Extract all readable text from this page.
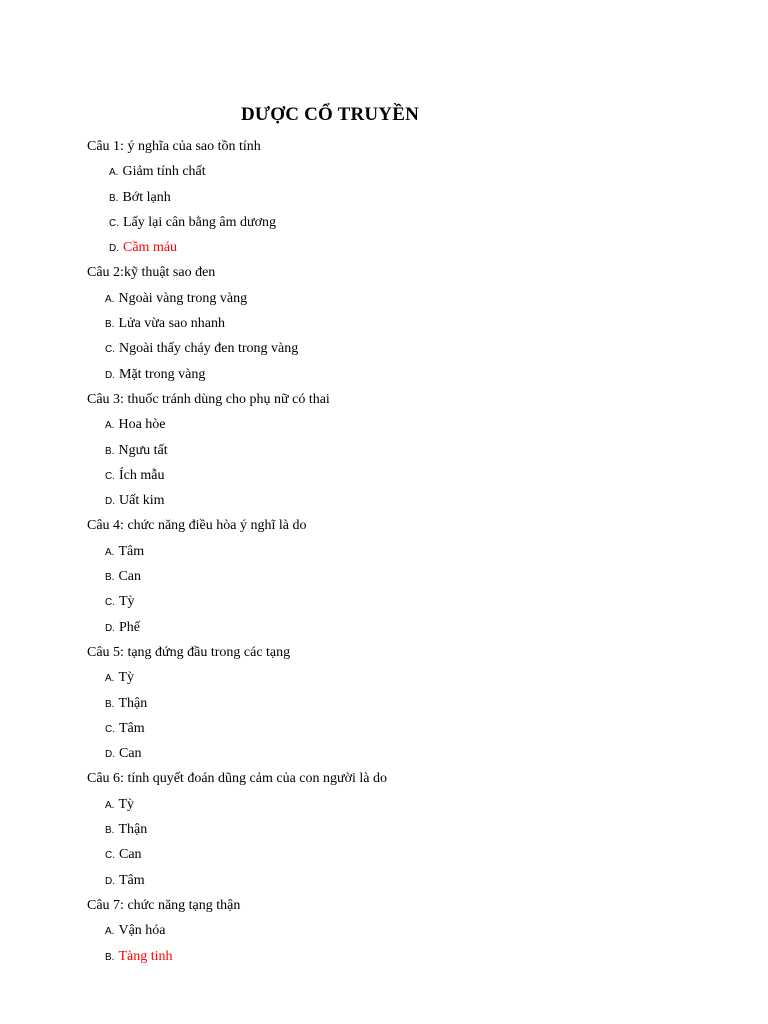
DƯỢC CỔ TRUYỀN
Câu 1: ý nghĩa của sao tồn tính
A. Giảm tính chất
B. Bớt lạnh
C. Lấy lại cân bằng âm dương
D. Cầm máu
Câu 2:kỹ thuật sao đen
A. Ngoài vàng trong vàng
B. Lửa vừa sao nhanh
C. Ngoài thấy cháy đen trong vàng
D. Mặt trong vàng
Câu 3: thuốc tránh dùng cho phụ nữ có thai
A. Hoa hòe
B. Ngưu tất
C. Ích mẫu
D. Uất kim
Câu 4: chức năng điều hòa ý nghĩ là do
A. Tâm
B. Can
C. Tỳ
D. Phế
Câu 5: tạng đứng đầu trong các tạng
A. Tỳ
B. Thận
C. Tâm
D. Can
Câu 6: tính quyết đoán dũng cảm của con người là do
A. Tỳ
B. Thận
C. Can
D. Tâm
Câu 7: chức năng tạng thận
A. Vận hóa
B. Tàng tinh
